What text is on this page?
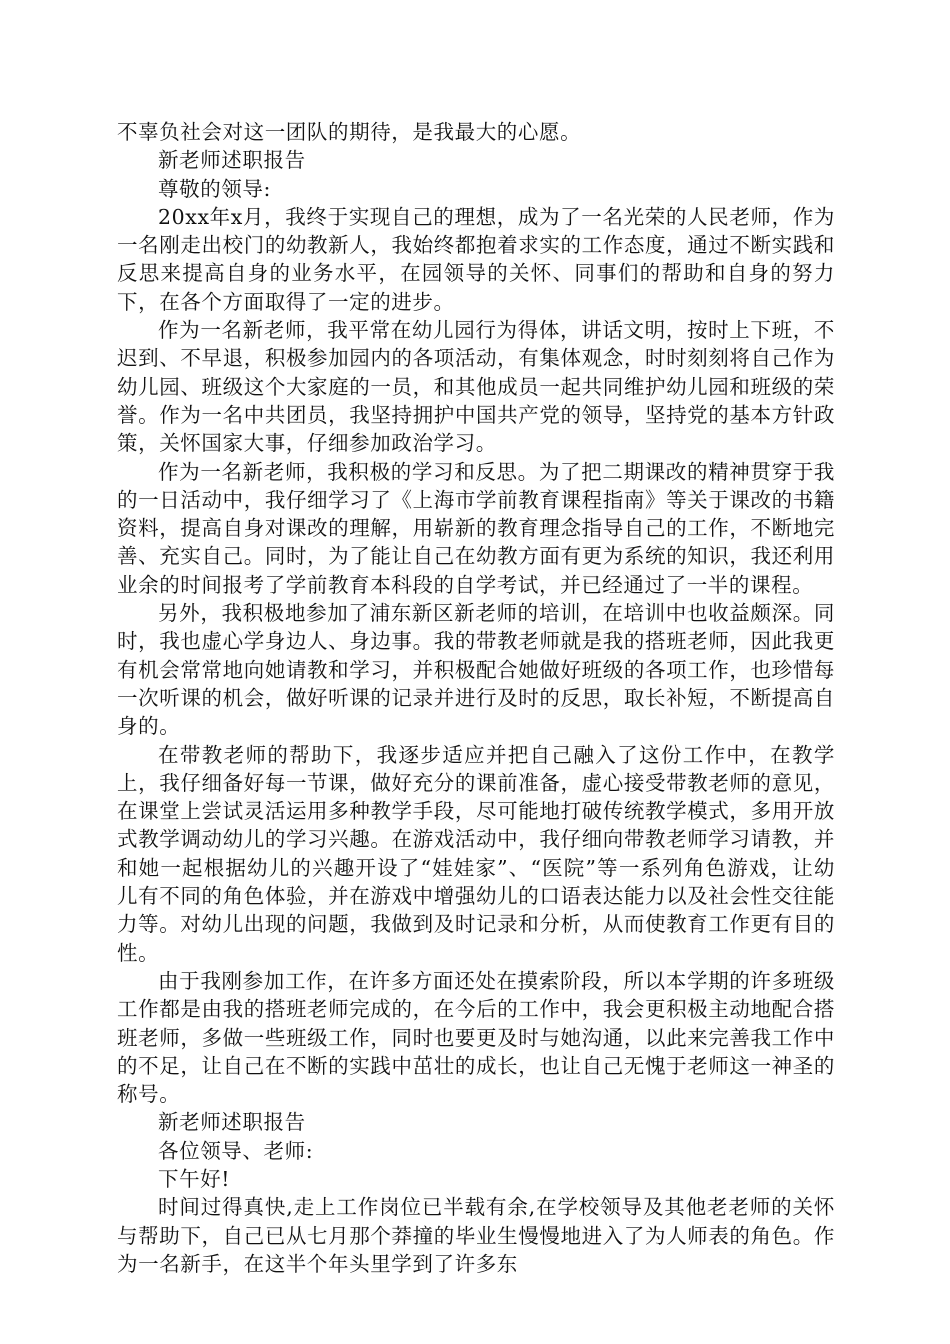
不辜负社会对这一团队的期待，是我最大的心愿。

新老师述职报告

尊敬的领导:

20xx年x月，我终于实现自己的理想，成为了一名光荣的人民老师，作为一名刚走出校门的幼教新人，我始终都抱着求实的工作态度，通过不断实践和反思来提高自身的业务水平，在园领导的关怀、同事们的帮助和自身的努力下，在各个方面取得了一定的进步。

作为一名新老师，我平常在幼儿园行为得体，讲话文明，按时上下班，不迟到、不早退，积极参加园内的各项活动，有集体观念，时时刻刻将自己作为幼儿园、班级这个大家庭的一员，和其他成员一起共同维护幼儿园和班级的荣誉。作为一名中共团员，我坚持拥护中国共产党的领导，坚持党的基本方针政策，关怀国家大事，仔细参加政治学习。

作为一名新老师，我积极的学习和反思。为了把二期课改的精神贯穿于我的一日活动中，我仔细学习了《上海市学前教育课程指南》等关于课改的书籍资料，提高自身对课改的理解，用崭新的教育理念指导自己的工作，不断地完善、充实自己。同时，为了能让自己在幼教方面有更为系统的知识，我还利用业余的时间报考了学前教育本科段的自学考试，并已经通过了一半的课程。

另外，我积极地参加了浦东新区新老师的培训，在培训中也收益颇深。同时，我也虚心学身边人、身边事。我的带教老师就是我的搭班老师，因此我更有机会常常地向她请教和学习，并积极配合她做好班级的各项工作，也珍惜每一次听课的机会，做好听课的记录并进行及时的反思，取长补短，不断提高自身的。

在带教老师的帮助下，我逐步适应并把自己融入了这份工作中，在教学上，我仔细备好每一节课，做好充分的课前准备，虚心接受带教老师的意见，在课堂上尝试灵活运用多种教学手段，尽可能地打破传统教学模式，多用开放式教学调动幼儿的学习兴趣。在游戏活动中，我仔细向带教老师学习请教，并和她一起根据幼儿的兴趣开设了“娃娃家”、“医院”等一系列角色游戏，让幼儿有不同的角色体验，并在游戏中增强幼儿的口语表达能力以及社会性交往能力等。对幼儿出现的问题，我做到及时记录和分析，从而使教育工作更有目的性。

由于我刚参加工作，在许多方面还处在摸索阶段，所以本学期的许多班级工作都是由我的搭班老师完成的，在今后的工作中，我会更积极主动地配合搭班老师，多做一些班级工作，同时也要更及时与她沟通，以此来完善我工作中的不足，让自己在不断的实践中茁壮的成长，也让自己无愧于老师这一神圣的称号。

新老师述职报告

各位领导、老师:

下午好!

时间过得真快,走上工作岗位已半载有余,在学校领导及其他老老师的关怀与帮助下，自己已从七月那个莽撞的毕业生慢慢地进入了为人师表的角色。作为一名新手，在这半个年头里学到了许多东
